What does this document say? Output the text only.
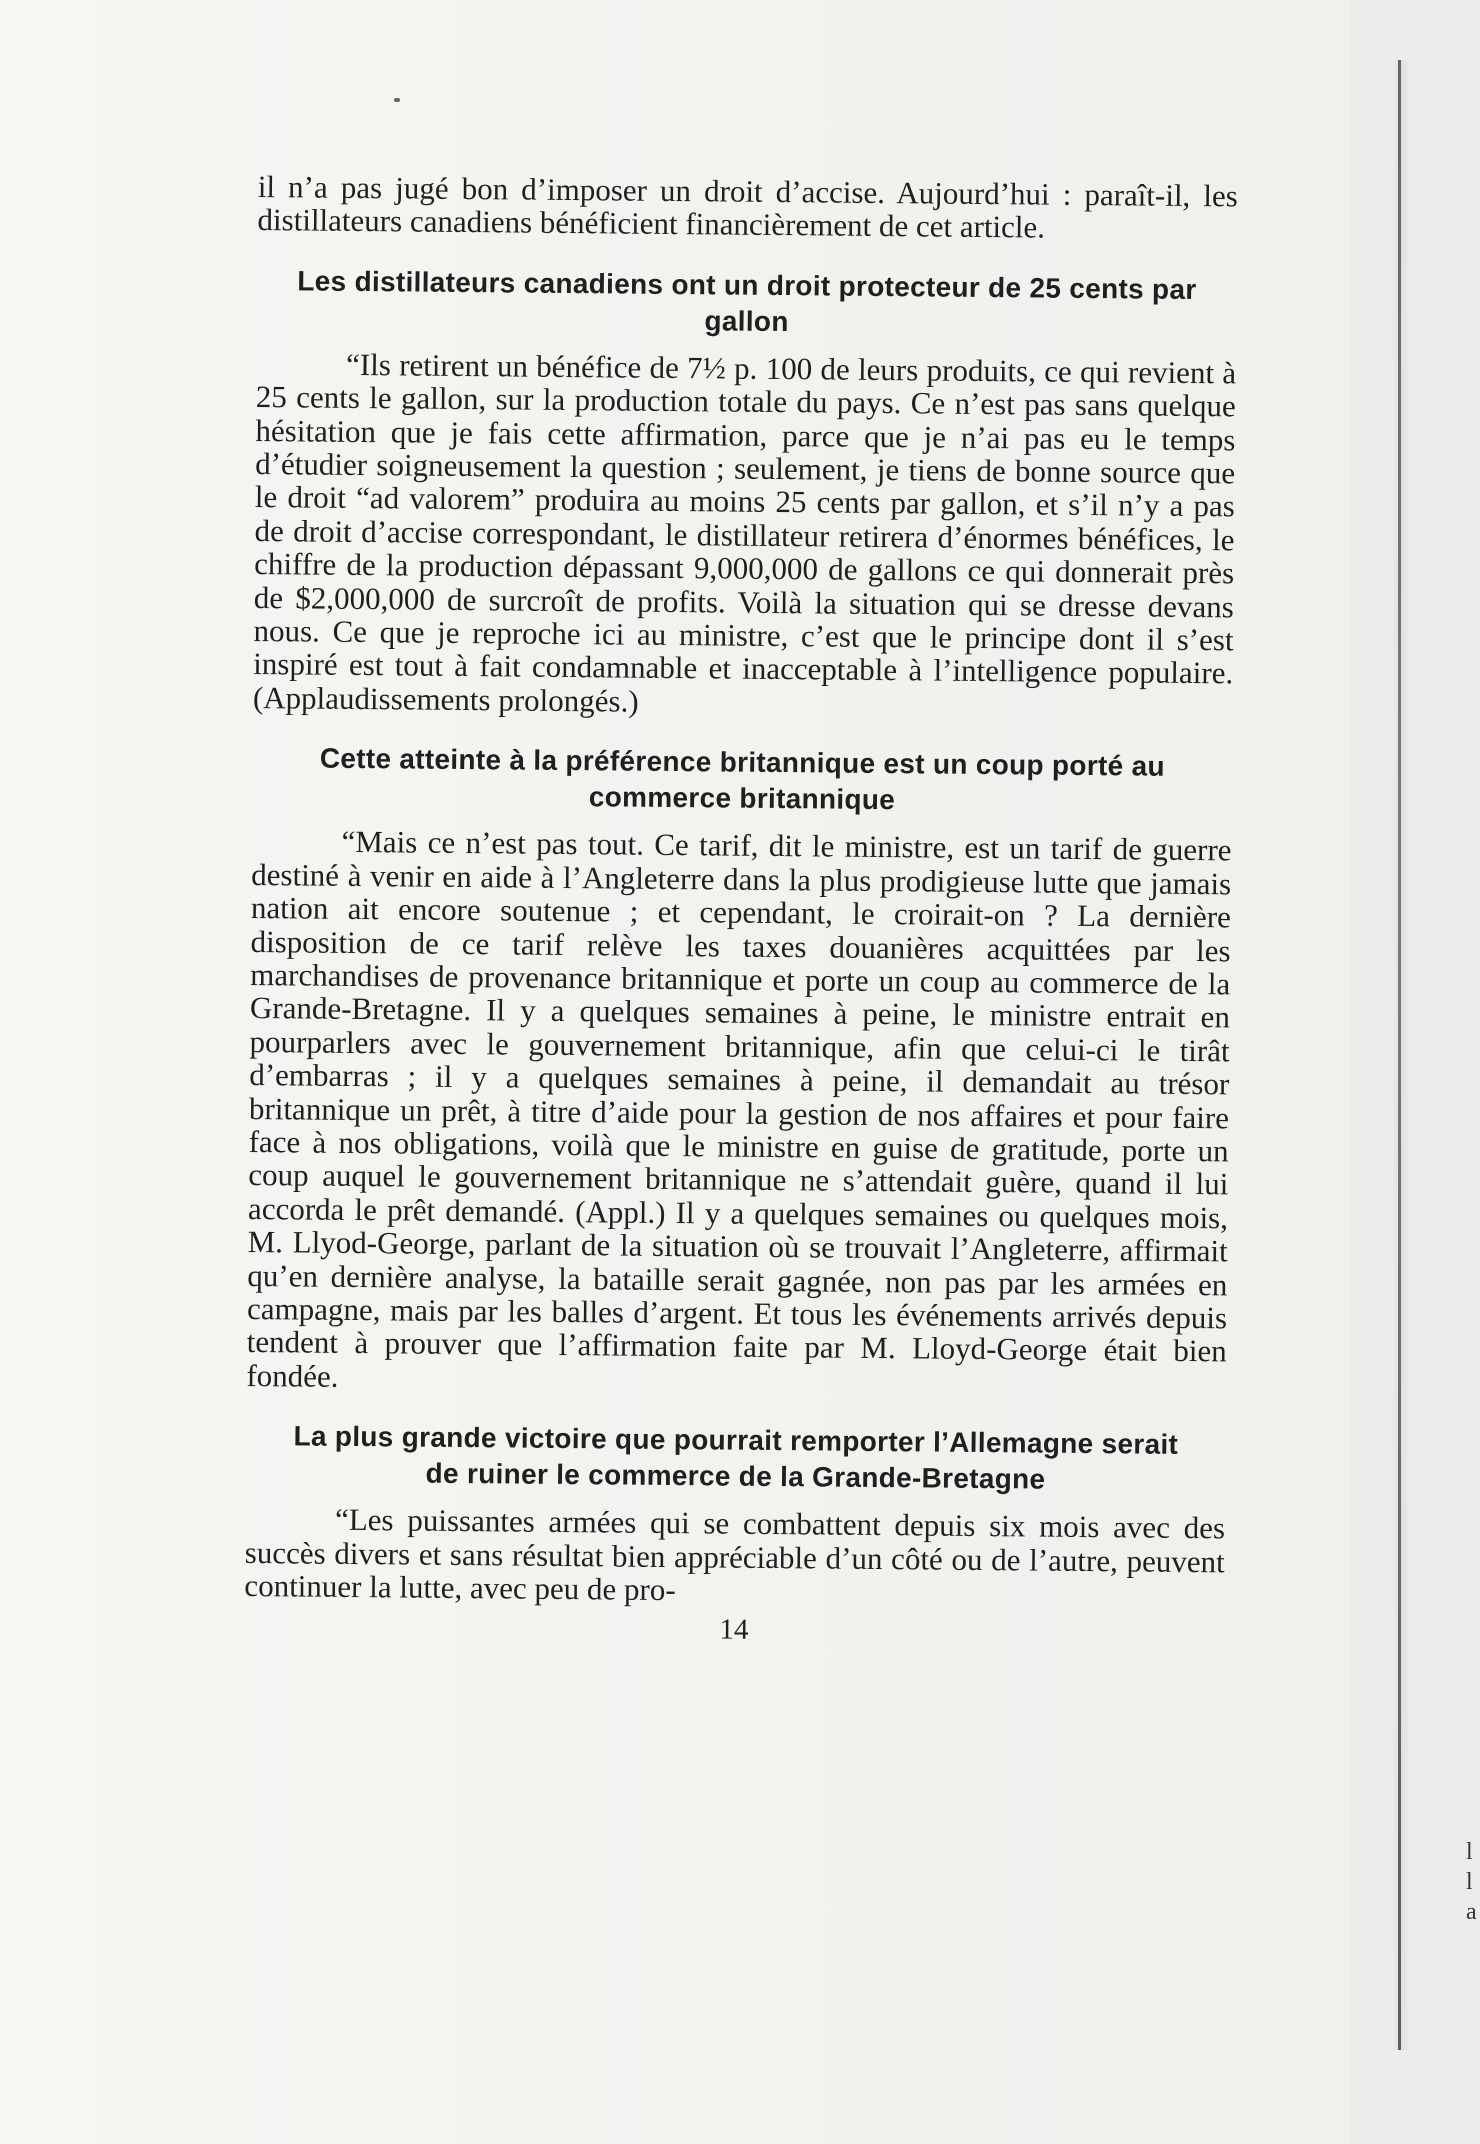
l
l
a

il n’a pas jugé bon d’imposer un droit d’accise. Aujourd’hui : paraît-il, les distillateurs canadiens bénéficient financièrement de cet article.

Les distillateurs canadiens ont un droit protecteur de 25 cents par gallon

“Ils retirent un bénéfice de 7½ p. 100 de leurs produits, ce qui revient à 25 cents le gallon, sur la production totale du pays. Ce n’est pas sans quelque hésitation que je fais cette affirmation, parce que je n’ai pas eu le temps d’étudier soigneusement la question ; seulement, je tiens de bonne source que le droit “ad valorem” produira au moins 25 cents par gallon, et s’il n’y a pas de droit d’accise correspondant, le distillateur retirera d’énormes bénéfices, le chiffre de la production dépassant 9,000,000 de gallons ce qui donnerait près de $2,000,000 de surcroît de profits. Voilà la situation qui se dresse devans nous. Ce que je reproche ici au ministre, c’est que le principe dont il s’est inspiré est tout à fait condamnable et inacceptable à l’intelligence populaire. (Applaudissements prolongés.)

Cette atteinte à la préférence britannique est un coup porté au commerce britannique

“Mais ce n’est pas tout. Ce tarif, dit le ministre, est un tarif de guerre destiné à venir en aide à l’Angleterre dans la plus prodigieuse lutte que jamais nation ait encore soutenue ; et cependant, le croirait-on ? La dernière disposition de ce tarif relève les taxes douanières acquittées par les marchandises de provenance britannique et porte un coup au commerce de la Grande-Bretagne. Il y a quelques semaines à peine, le ministre entrait en pourparlers avec le gouvernement britannique, afin que celui-ci le tirât d’embarras ; il y a quelques semaines à peine, il demandait au trésor britannique un prêt, à titre d’aide pour la gestion de nos affaires et pour faire face à nos obligations, voilà que le ministre en guise de gratitude, porte un coup auquel le gouvernement britannique ne s’attendait guère, quand il lui accorda le prêt demandé. (Appl.) Il y a quelques semaines ou quelques mois, M. Llyod-George, parlant de la situation où se trouvait l’Angleterre, affirmait qu’en dernière analyse, la bataille serait gagnée, non pas par les armées en campagne, mais par les balles d’argent. Et tous les événements arrivés depuis tendent à prouver que l’affirmation faite par M. Lloyd-George était bien fondée.

La plus grande victoire que pourrait remporter l’Allemagne serait de ruiner le commerce de la Grande-Bretagne

“Les puissantes armées qui se combattent depuis six mois avec des succès divers et sans résultat bien appréciable d’un côté ou de l’autre, peuvent continuer la lutte, avec peu de pro-

14
